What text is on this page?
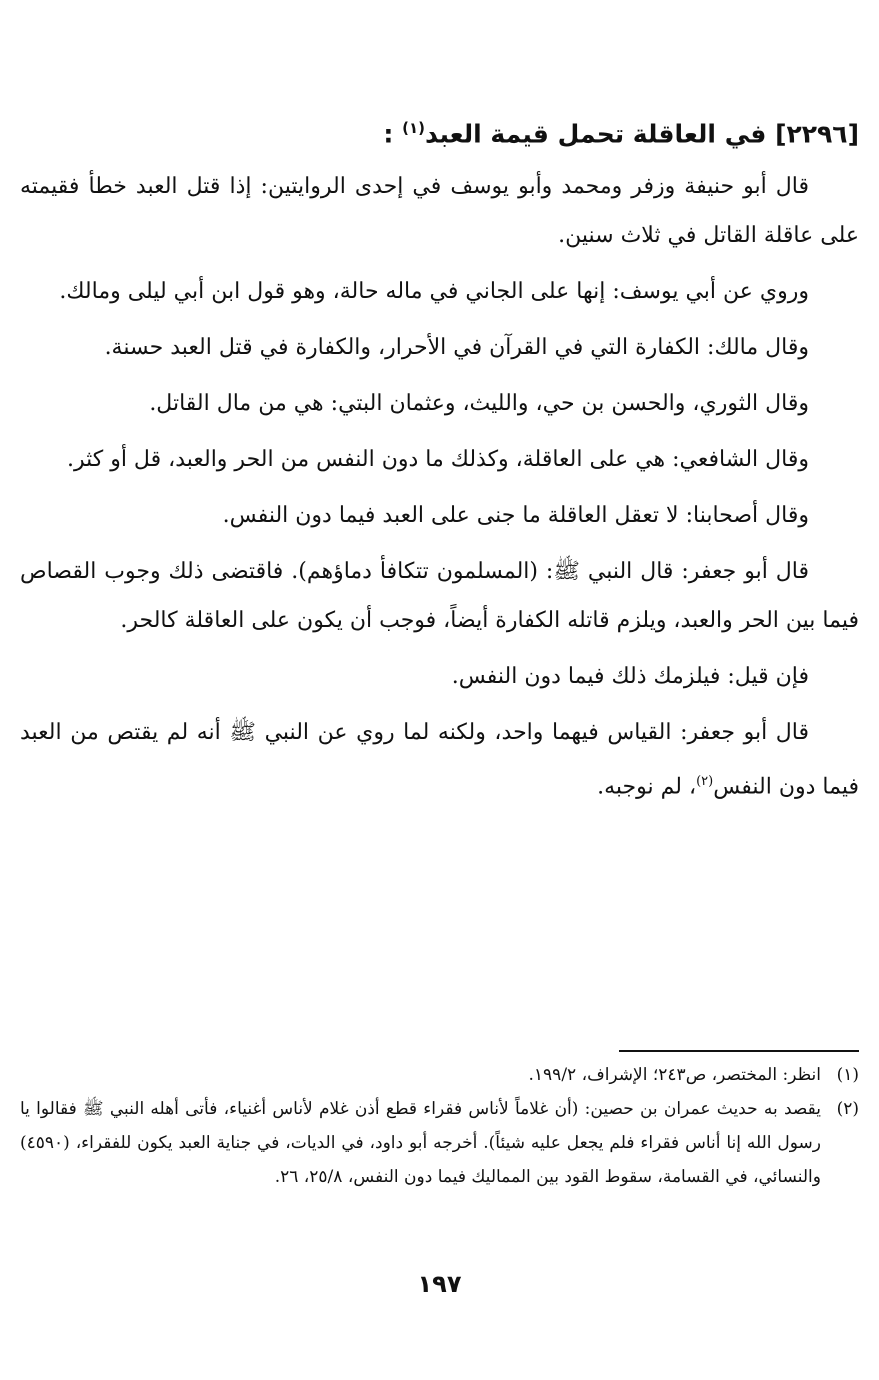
[٢٢٩٦] في العاقلة تحمل قيمة العبد$^{(١)}$ :

قال أبو حنيفة وزفر ومحمد وأبو يوسف في إحدى الروايتين: إذا قتل العبد خطأ فقيمته على عاقلة القاتل في ثلاث سنين.

وروي عن أبي يوسف: إنها على الجاني في ماله حالة، وهو قول ابن أبي ليلى ومالك.

وقال مالك: الكفارة التي في القرآن في الأحرار، والكفارة في قتل العبد حسنة.

وقال الثوري، والحسن بن حي، والليث، وعثمان البتي: هي من مال القاتل.

وقال الشافعي: هي على العاقلة، وكذلك ما دون النفس من الحر والعبد، قل أو كثر.

وقال أصحابنا: لا تعقل العاقلة ما جنى على العبد فيما دون النفس.

قال أبو جعفر: قال النبي ﷺ: (المسلمون تتكافأ دماؤهم). فاقتضى ذلك وجوب القصاص فيما بين الحر والعبد، ويلزم قاتله الكفارة أيضاً، فوجب أن يكون على العاقلة كالحر.

فإن قيل: فيلزمك ذلك فيما دون النفس.

قال أبو جعفر: القياس فيهما واحد، ولكنه لما روي عن النبي ﷺ أنه لم يقتص من العبد فيما دون النفس$^{(٢)}$، لم نوجبه.

(١)
انظر: المختصر، ص٢٤٣؛ الإشراف، ١٩٩/٢.
(٢)
يقصد به حديث عمران بن حصين: (أن غلاماً لأناس فقراء قطع أذن غلام لأناس أغنياء، فأتى أهله النبي ﷺ فقالوا يا رسول الله إنا أناس فقراء فلم يجعل عليه شيئاً). أخرجه أبو داود، في الديات، في جناية العبد يكون للفقراء، (٤٥٩٠) والنسائي، في القسامة، سقوط القود بين المماليك فيما دون النفس، ٢٥/٨، ٢٦.
١٩٧
